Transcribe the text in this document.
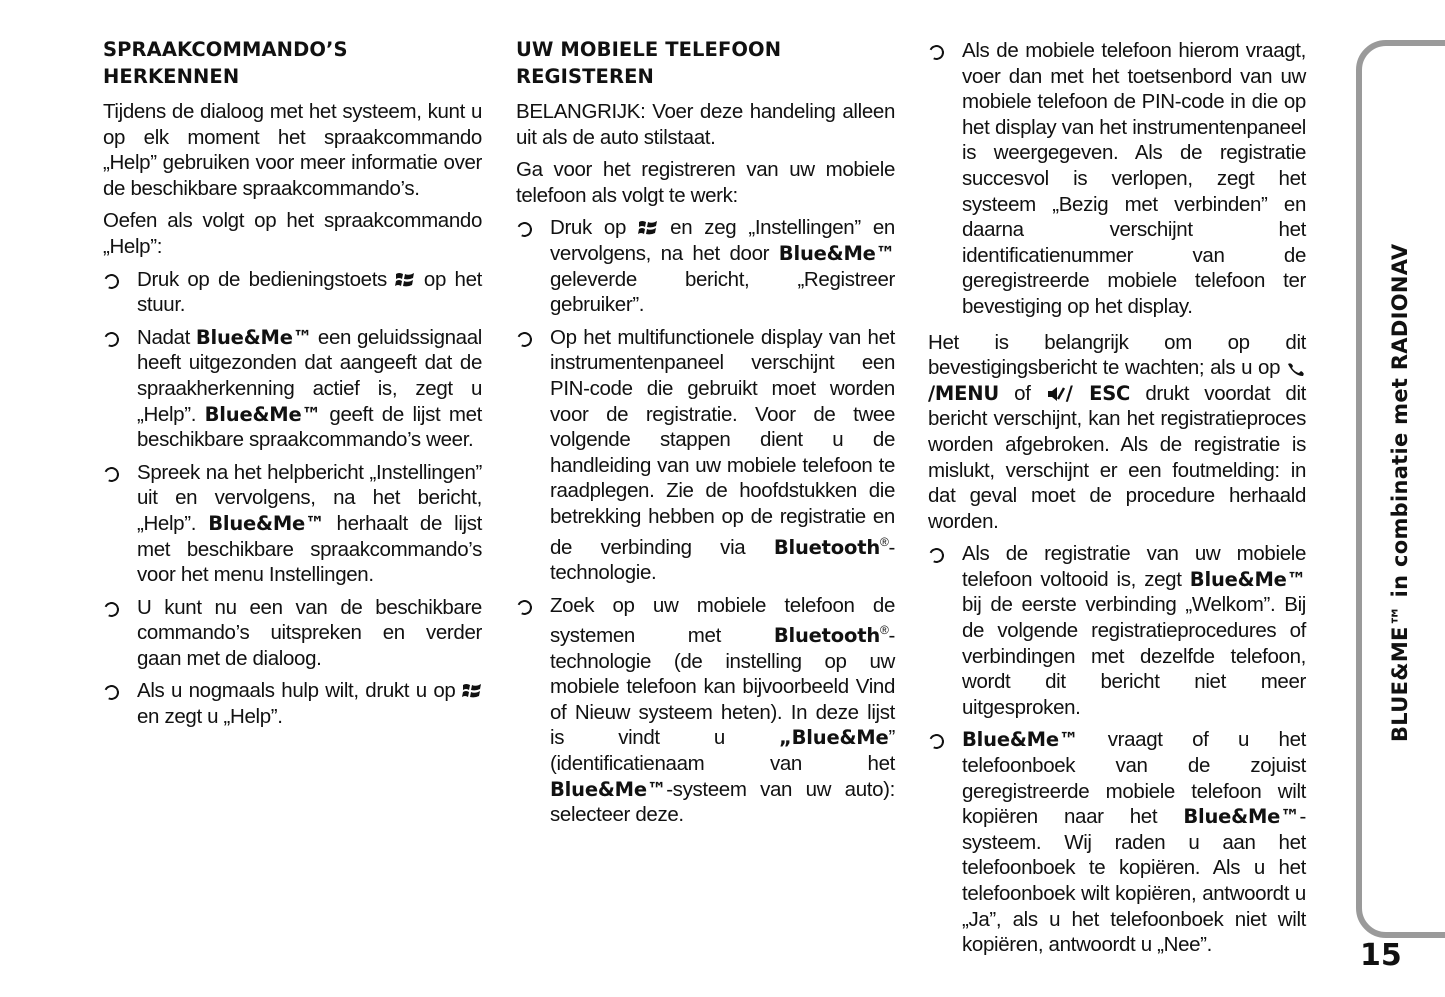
SPRAAKCOMMANDO’S HERKENNEN

Tijdens de dialoog met het systeem, kunt u op elk moment het spraakcommando „Help” gebruiken voor meer informatie over de beschikbare spraakcommando’s.

Oefen als volgt op het spraakcommando „Help”:

Druk op de bedieningstoets  op het stuur.
Nadat Blue&Me™ een geluidssignaal heeft uitgezonden dat aangeeft dat de spraakherkenning actief is, zegt u „Help”. Blue&Me™ geeft de lijst met beschikbare spraakcommando’s weer.
Spreek na het helpbericht „Instellingen” uit en vervolgens, na het bericht, „Help”. Blue&Me™ herhaalt de lijst met beschikbare spraakcommando’s voor het menu Instellingen.
U kunt nu een van de beschikbare commando’s uitspreken en verder gaan met de dialoog.
Als u nogmaals hulp wilt, drukt u op  en zegt u „Help”.
UW MOBIELE TELEFOON REGISTEREN

BELANGRIJK: Voer deze handeling alleen uit als de auto stilstaat.

Ga voor het registreren van uw mobiele telefoon als volgt te werk:

Druk op  en zeg „Instellingen” en vervolgens, na het door Blue&Me™ geleverde bericht, „Registreer gebruiker”.
Op het multifunctionele display van het instrumentenpaneel verschijnt een PIN-code die gebruikt moet worden voor de registratie. Voor de twee volgende stappen dient u de handleiding van uw mobiele telefoon te raadplegen. Zie de hoofdstukken die betrekking hebben op de registratie en de verbinding via Bluetooth®-technologie.
Zoek op uw mobiele telefoon de systemen met Bluetooth®-technologie (de instelling op uw mobiele telefoon kan bijvoorbeeld Vind of Nieuw systeem heten). In deze lijst is vindt u „Blue&Me” (identificatienaam van het Blue&Me™-systeem van uw auto): selecteer deze.
Als de mobiele telefoon hierom vraagt, voer dan met het toetsenbord van uw mobiele telefoon de PIN-code in die op het display van het instrumentenpaneel is weergegeven. Als de registratie succesvol is verlopen, zegt het systeem „Bezig met verbinden” en daarna verschijnt het identificatienummer van de geregistreerde mobiele telefoon ter bevestiging op het display.

Het is belangrijk om op dit bevestigingsbericht te wachten; als u op /MENU of / ESC drukt voordat dit bericht verschijnt, kan het registratieproces worden afgebroken. Als de registratie is mislukt, verschijnt er een foutmelding: in dat geval moet de procedure herhaald worden.

Als de registratie van uw mobiele telefoon voltooid is, zegt Blue&Me™ bij de eerste verbinding „Welkom”. Bij de volgende registratieprocedures of verbindingen met dezelfde telefoon, wordt dit bericht niet meer uitgesproken.
Blue&Me™ vraagt of u het telefoonboek van de zojuist geregistreerde mobiele telefoon wilt kopiëren naar het Blue&Me™-systeem. Wij raden u aan het telefoonboek te kopiëren. Als u het telefoonboek wilt kopiëren, antwoordt u „Ja”, als u het telefoonboek niet wilt kopiëren, antwoordt u „Nee”.
BLUE&ME™ in combinatie met RADIONAV
15
